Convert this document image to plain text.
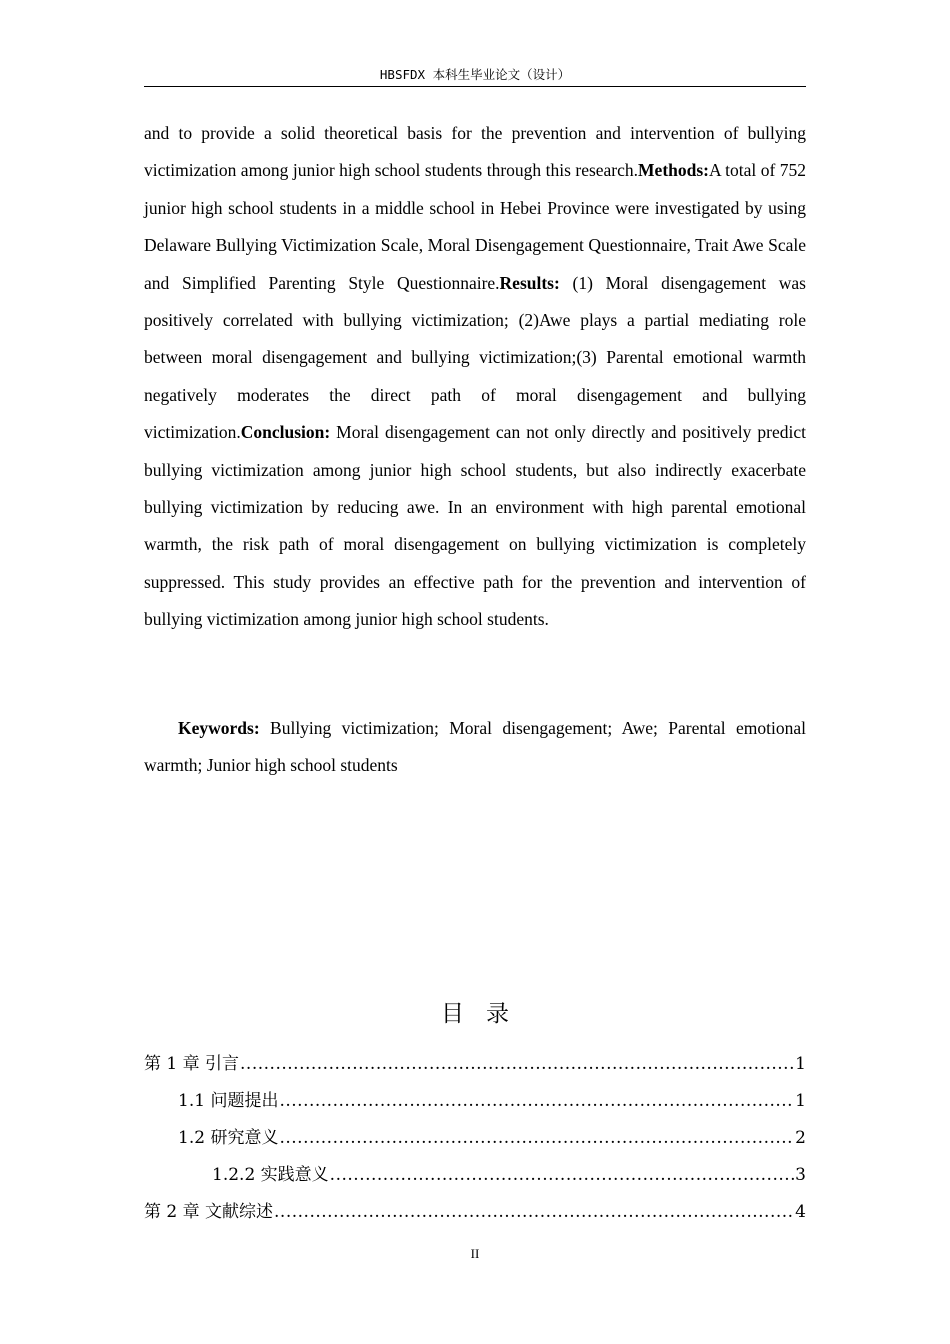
HBSFDX 本科生毕业论文（设计）

and to provide a solid theoretical basis for the prevention and intervention of bullying victimization among junior high school students through this research.Methods:A total of 752 junior high school students in a middle school in Hebei Province were investigated by using Delaware Bullying Victimization Scale, Moral Disengagement Questionnaire, Trait Awe Scale and Simplified Parenting Style Questionnaire.Results: (1) Moral disengagement was positively correlated with bullying victimization; (2)Awe plays a partial mediating role between moral disengagement and bullying victimization;(3) Parental emotional warmth negatively moderates the direct path of moral disengagement and bullying victimization.Conclusion: Moral disengagement can not only directly and positively predict bullying victimization among junior high school students, but also indirectly exacerbate bullying victimization by reducing awe. In an environment with high parental emotional warmth, the risk path of moral disengagement on bullying victimization is completely suppressed. This study provides an effective path for the prevention and intervention of bullying victimization among junior high school students.

Keywords: Bullying victimization; Moral disengagement; Awe; Parental emotional warmth; Junior high school students

目录
第 1 章 引言 .....	1
1.1 问题提出 .....	1
1.2 研究意义 .....	2
1.2.2 实践意义 .....	3
第 2 章 文献综述 .....	4
II
